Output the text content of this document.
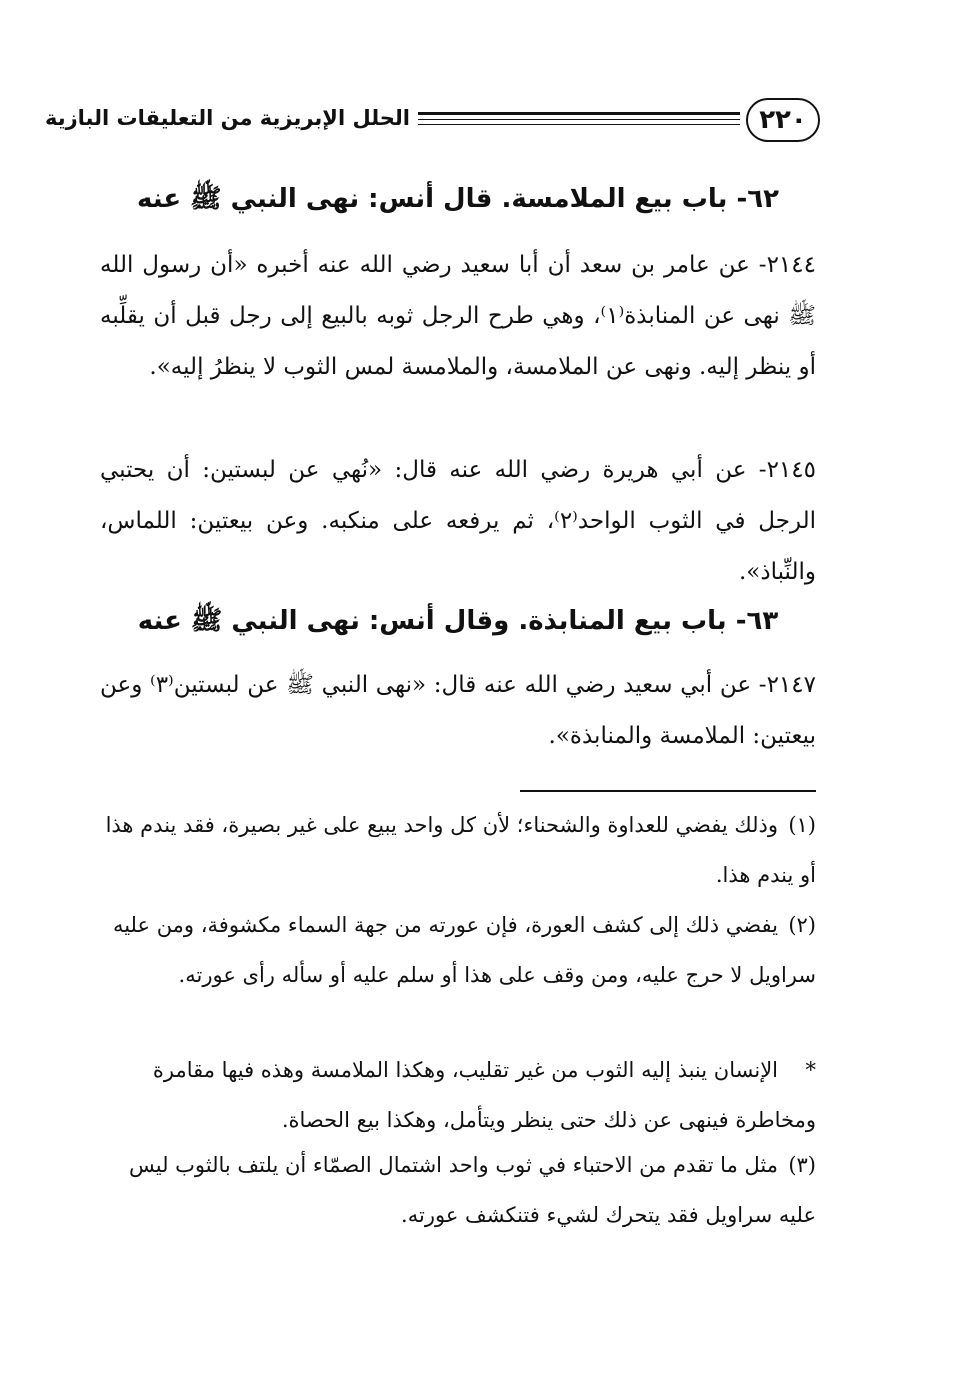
٢٢٠
الحلل الإبريزية من التعليقات البازية
٦٢- باب بيع الملامسة. قال أنس: نهى النبي ﷺ عنه
٢١٤٤- عن عامر بن سعد أن أبا سعيد رضي الله عنه أخبره «أن رسول الله ﷺ نهى عن المنابذة⁽١⁾، وهي طرح الرجل ثوبه بالبيع إلى رجل قبل أن يقلِّبه أو ينظر إليه. ونهى عن الملامسة، والملامسة لمس الثوب لا ينظرُ إليه».
٢١٤٥- عن أبي هريرة رضي الله عنه قال: «نُهي عن لبستين: أن يحتبي الرجل في الثوب الواحد⁽٢⁾، ثم يرفعه على منكبه. وعن بيعتين: اللماس، والنِّباذ».
٦٣- باب بيع المنابذة. وقال أنس: نهى النبي ﷺ عنه
٢١٤٧- عن أبي سعيد رضي الله عنه قال: «نهى النبي ﷺ عن لبستين⁽٣⁾ وعن بيعتين: الملامسة والمنابذة».
(١)وذلك يفضي للعداوة والشحناء؛ لأن كل واحد يبيع على غير بصيرة، فقد يندم هذا أو يندم هذا.
(٢)يفضي ذلك إلى كشف العورة، فإن عورته من جهة السماء مكشوفة، ومن عليه سراويل لا حرج عليه، ومن وقف على هذا أو سلم عليه أو سأله رأى عورته.
*الإنسان ينبذ إليه الثوب من غير تقليب، وهكذا الملامسة وهذه فيها مقامرة ومخاطرة فينهى عن ذلك حتى ينظر ويتأمل، وهكذا بيع الحصاة.
(٣)مثل ما تقدم من الاحتباء في ثوب واحد اشتمال الصمّاء أن يلتف بالثوب ليس عليه سراويل فقد يتحرك لشيء فتنكشف عورته.
